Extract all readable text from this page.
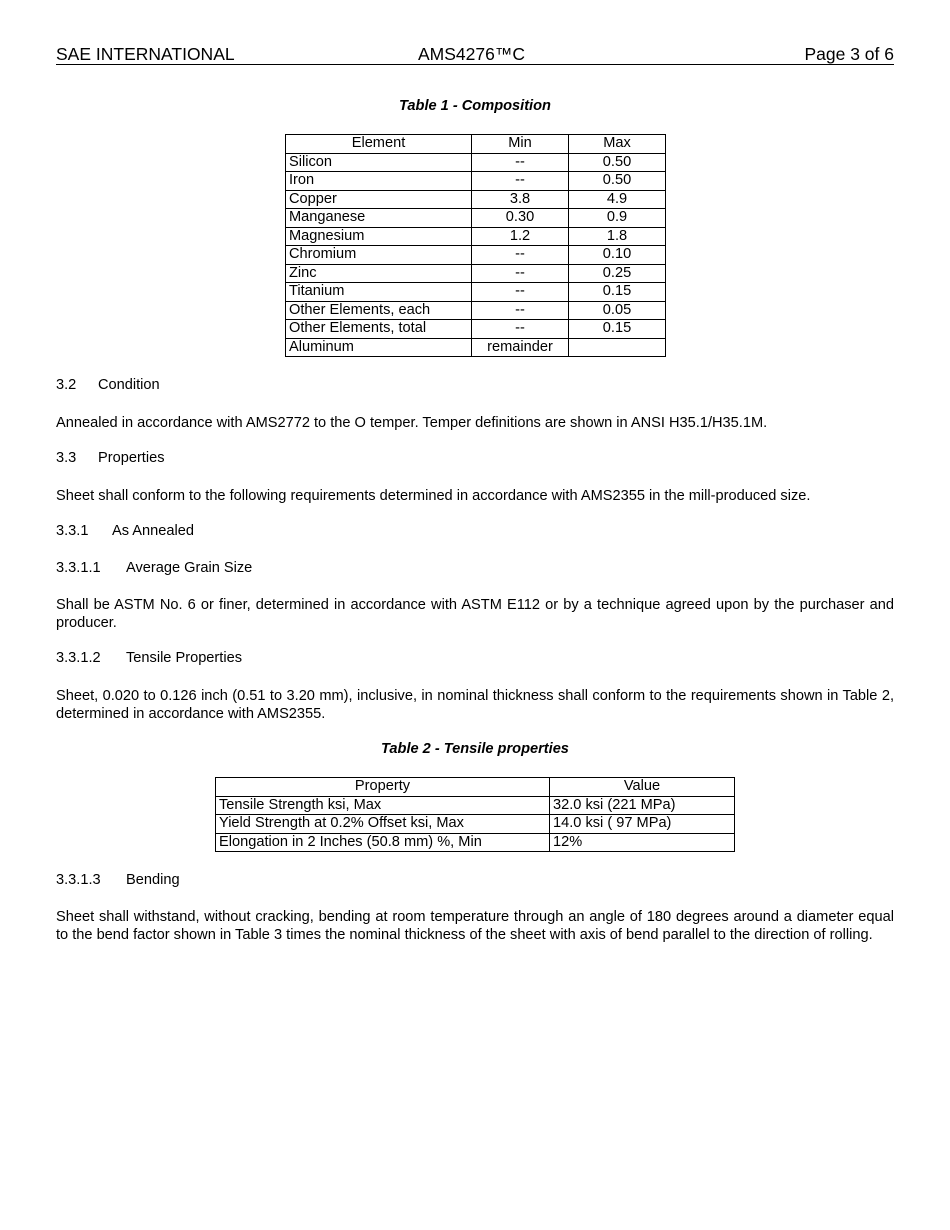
SAE INTERNATIONAL	AMS4276™C	Page 3 of 6
Table 1 - Composition
Element	Min	Max
Silicon	--	0.50
Iron	--	0.50
Copper	3.8	4.9
Manganese	0.30	0.9
Magnesium	1.2	1.8
Chromium	--	0.10
Zinc	--	0.25
Titanium	--	0.15
Other Elements, each	--	0.05
Other Elements, total	--	0.15
Aluminum	remainder	
3.2 Condition

Annealed in accordance with AMS2772 to the O temper. Temper definitions are shown in ANSI H35.1/H35.1M.

3.3 Properties

Sheet shall conform to the following requirements determined in accordance with AMS2355 in the mill-produced size.

3.3.1 As Annealed
3.3.1.1 Average Grain Size

Shall be ASTM No. 6 or finer, determined in accordance with ASTM E112 or by a technique agreed upon by the purchaser and producer.

3.3.1.2 Tensile Properties

Sheet, 0.020 to 0.126 inch (0.51 to 3.20 mm), inclusive, in nominal thickness shall conform to the requirements shown in Table 2, determined in accordance with AMS2355.

Table 2 - Tensile properties
Property	Value
Tensile Strength ksi, Max	32.0 ksi (221 MPa)
Yield Strength at 0.2% Offset ksi, Max	14.0 ksi ( 97 MPa)
Elongation in 2 Inches (50.8 mm) %, Min	12%
3.3.1.3 Bending

Sheet shall withstand, without cracking, bending at room temperature through an angle of 180 degrees around a diameter equal to the bend factor shown in Table 3 times the nominal thickness of the sheet with axis of bend parallel to the direction of rolling.
